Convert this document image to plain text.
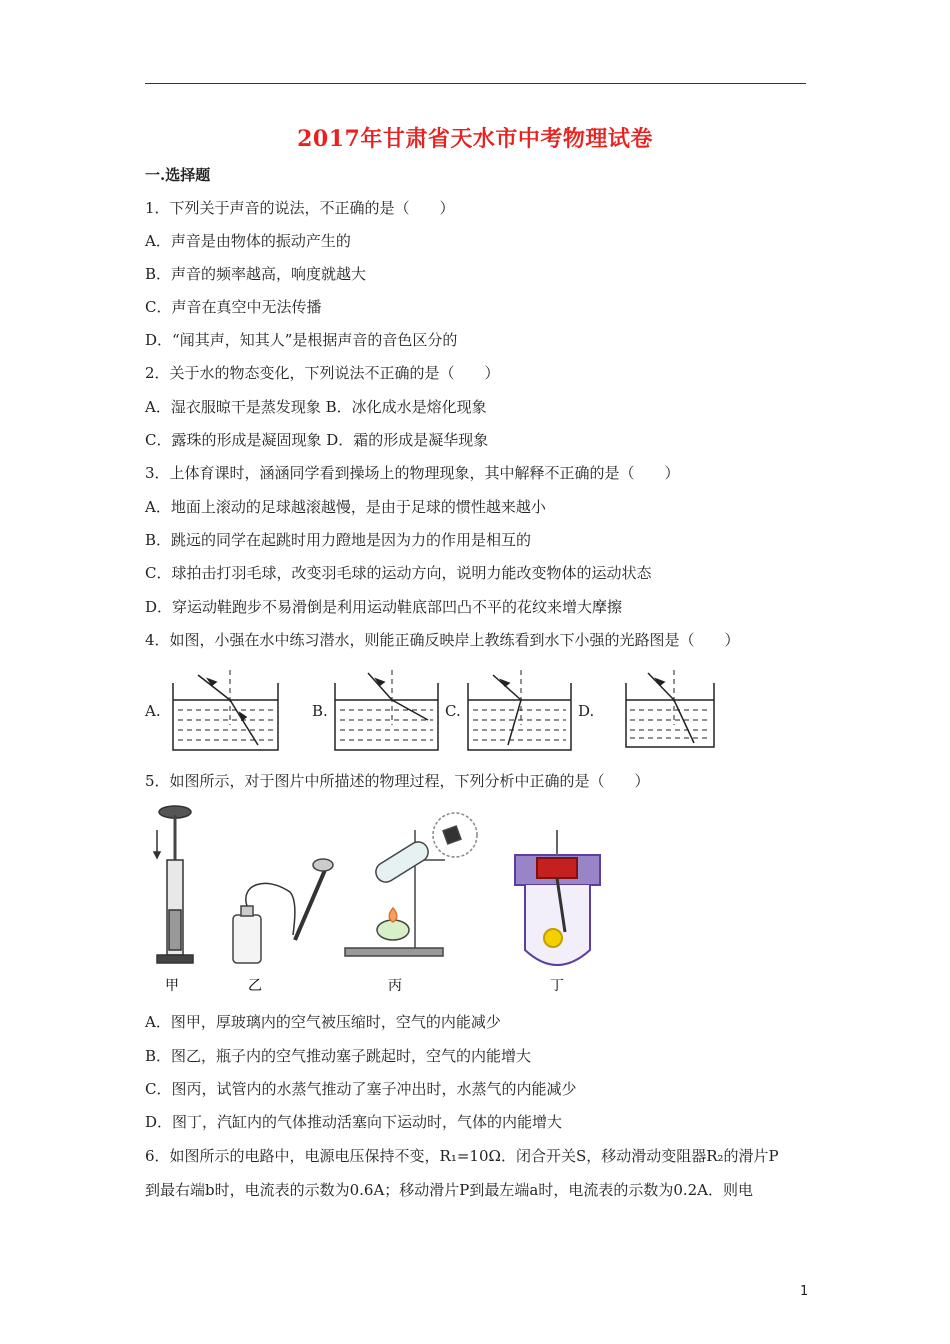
2017年甘肃省天水市中考物理试卷
一.选择题
1．下列关于声音的说法，不正确的是（　　）
A．声音是由物体的振动产生的
B．声音的频率越高，响度就越大
C．声音在真空中无法传播
D．“闻其声，知其人”是根据声音的音色区分的
2．关于水的物态变化，下列说法不正确的是（　　）
A．湿衣服晾干是蒸发现象 B．冰化成水是熔化现象
C．露珠的形成是凝固现象 D．霜的形成是凝华现象
3．上体育课时，涵涵同学看到操场上的物理现象，其中解释不正确的是（　　）
A．地面上滚动的足球越滚越慢，是由于足球的惯性越来越小
B．跳远的同学在起跳时用力蹬地是因为力的作用是相互的
C．球拍击打羽毛球，改变羽毛球的运动方向，说明力能改变物体的运动状态
D．穿运动鞋跑步不易滑倒是利用运动鞋底部凹凸不平的花纹来增大摩擦
4．如图，小强在水中练习潜水，则能正确反映岸上教练看到水下小强的光路图是（　　）
A.	B.	C.	D.
5．如图所示，对于图片中所描述的物理过程，下列分析中正确的是（　　）
甲	乙	丙	丁
A．图甲，厚玻璃内的空气被压缩时，空气的内能减少
B．图乙，瓶子内的空气推动塞子跳起时，空气的内能增大
C．图丙，试管内的水蒸气推动了塞子冲出时，水蒸气的内能减少
D．图丁，汽缸内的气体推动活塞向下运动时，气体的内能增大
6．如图所示的电路中，电源电压保持不变，R₁=10Ω．闭合开关S，移动滑动变阻器R₂的滑片P
到最右端b时，电流表的示数为0.6A；移动滑片P到最左端a时，电流表的示数为0.2A．则电
1
